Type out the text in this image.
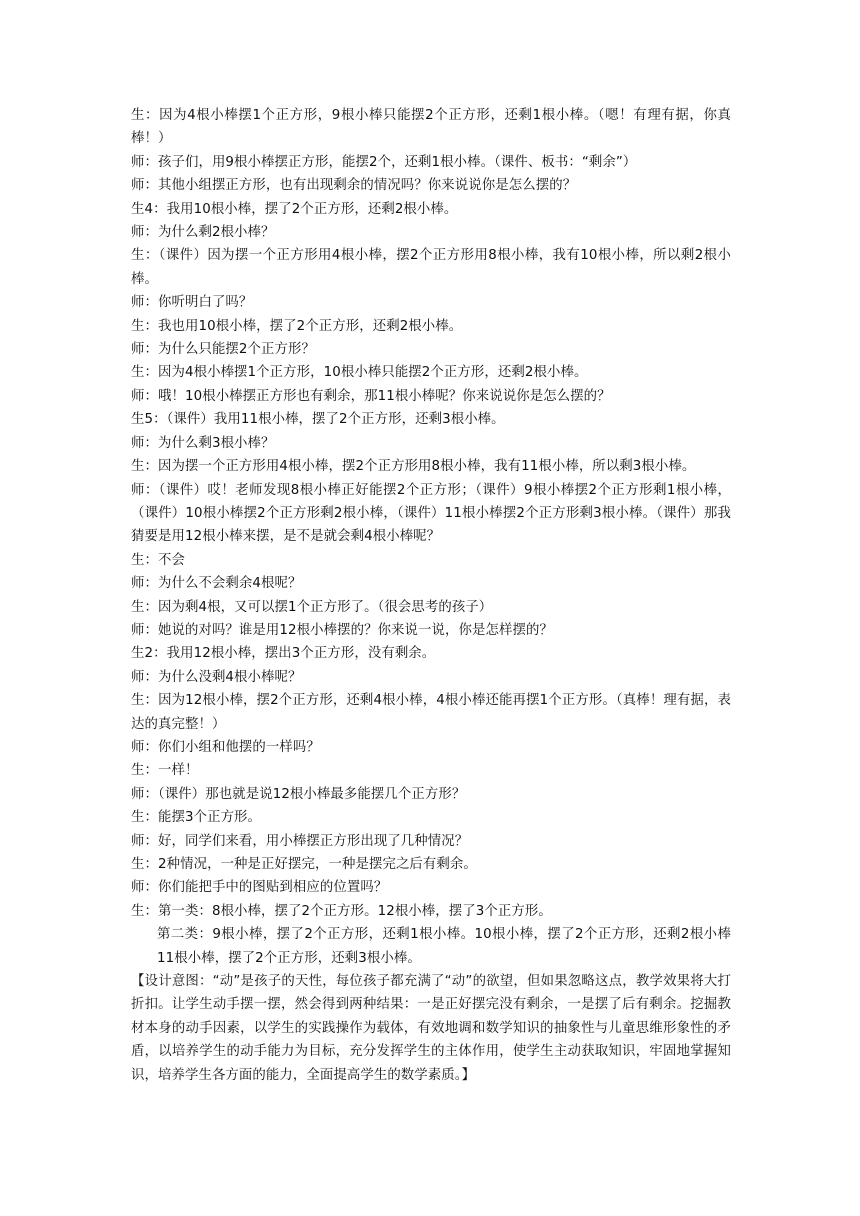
生：因为4根小棒摆1个正方形，9根小棒只能摆2个正方形，还剩1根小棒。（嗯！有理有据，你真棒！）

师：孩子们，用9根小棒摆正方形，能摆2个，还剩1根小棒。（课件、板书：“剩余”）

师：其他小组摆正方形，也有出现剩余的情况吗？你来说说你是怎么摆的？

生4：我用10根小棒，摆了2个正方形，还剩2根小棒。

师：为什么剩2根小棒？

生：（课件）因为摆一个正方形用4根小棒，摆2个正方形用8根小棒，我有10根小棒，所以剩2根小棒。

师：你听明白了吗？

生：我也用10根小棒，摆了2个正方形，还剩2根小棒。

师：为什么只能摆2个正方形？

生：因为4根小棒摆1个正方形，10根小棒只能摆2个正方形，还剩2根小棒。

师：哦！10根小棒摆正方形也有剩余，那11根小棒呢？你来说说你是怎么摆的？

生5：（课件）我用11根小棒，摆了2个正方形，还剩3根小棒。

师：为什么剩3根小棒？

生：因为摆一个正方形用4根小棒，摆2个正方形用8根小棒，我有11根小棒，所以剩3根小棒。

师：（课件）哎！老师发现8根小棒正好能摆2个正方形；（课件）9根小棒摆2个正方形剩1根小棒，（课件）10根小棒摆2个正方形剩2根小棒，（课件）11根小棒摆2个正方形剩3根小棒。（课件）那我猜要是用12根小棒来摆，是不是就会剩4根小棒呢？

生：不会

师：为什么不会剩余4根呢？

生：因为剩4根，又可以摆1个正方形了。（很会思考的孩子）

师：她说的对吗？谁是用12根小棒摆的？你来说一说，你是怎样摆的？

生2：我用12根小棒，摆出3个正方形，没有剩余。

师：为什么没剩4根小棒呢？

生：因为12根小棒，摆2个正方形，还剩4根小棒，4根小棒还能再摆1个正方形。（真棒！理有据，表达的真完整！）

师：你们小组和他摆的一样吗？

生：一样！

师：（课件）那也就是说12根小棒最多能摆几个正方形？

生：能摆3个正方形。

师：好，同学们来看，用小棒摆正方形出现了几种情况？

生：2种情况，一种是正好摆完，一种是摆完之后有剩余。

师：你们能把手中的图贴到相应的位置吗？

生：第一类：8根小棒，摆了2个正方形。12根小棒，摆了3个正方形。

第二类：9根小棒，摆了2个正方形，还剩1根小棒。10根小棒，摆了2个正方形，还剩2根小棒 11根小棒，摆了2个正方形，还剩3根小棒。

【设计意图：“动”是孩子的天性，每位孩子都充满了“动”的欲望，但如果忽略这点，教学效果将大打折扣。让学生动手摆一摆，然会得到两种结果：一是正好摆完没有剩余，一是摆了后有剩余。挖掘教材本身的动手因素，以学生的实践操作为载体，有效地调和数学知识的抽象性与儿童思维形象性的矛盾，以培养学生的动手能力为目标，充分发挥学生的主体作用，使学生主动获取知识，牢固地掌握知识，培养学生各方面的能力，全面提高学生的数学素质。】
